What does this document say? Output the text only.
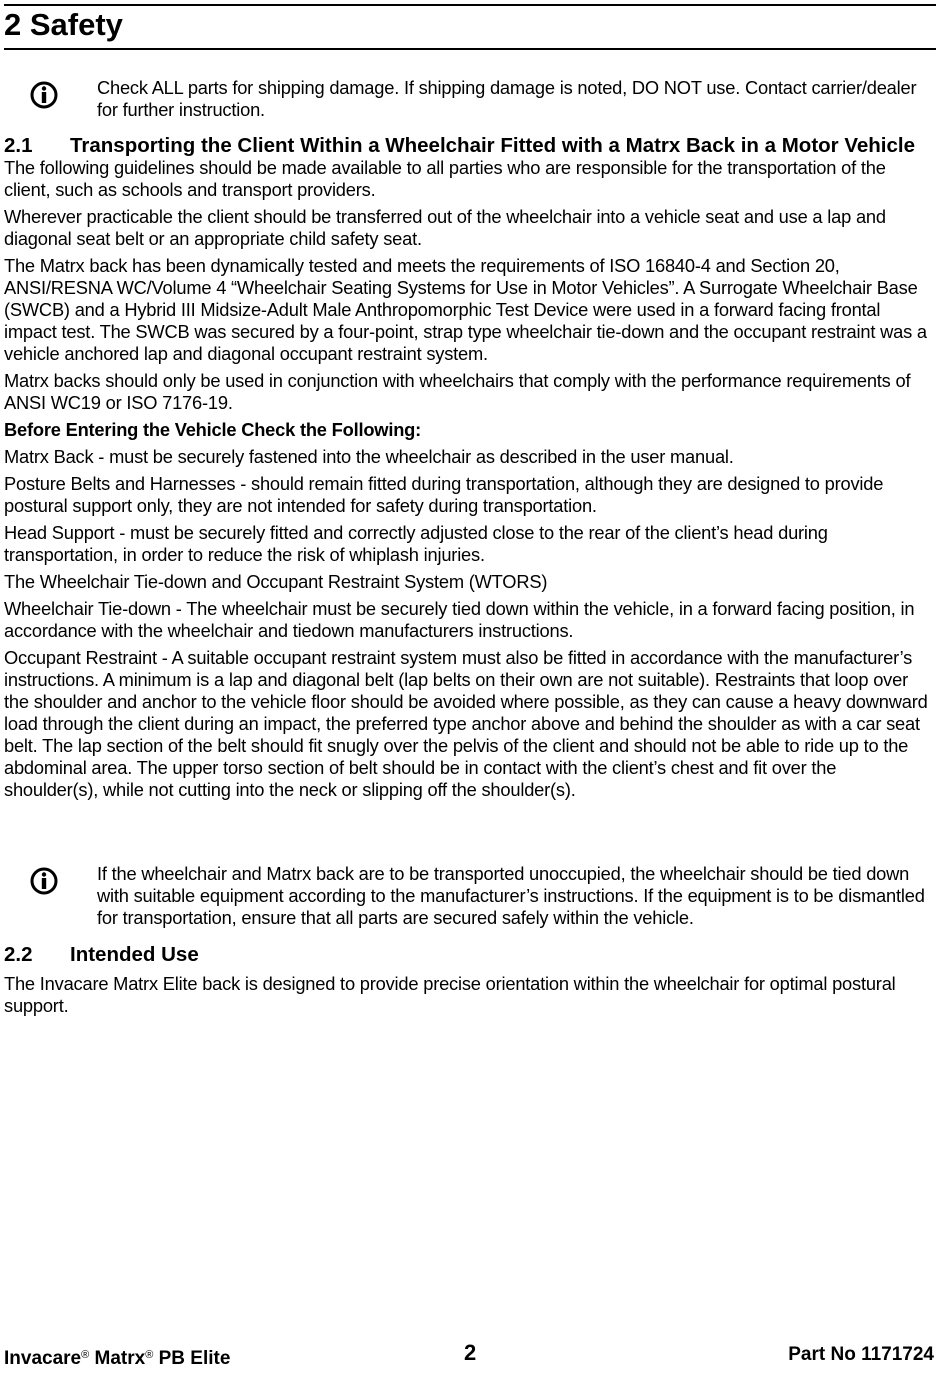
2 Safety
Check ALL parts for shipping damage. If shipping damage is noted, DO NOT use. Contact carrier/dealer for further instruction.
2.1 Transporting the Client Within a Wheelchair Fitted with a Matrx Back in a Motor Vehicle

The following guidelines should be made available to all parties who are responsible for the transportation of the client, such as schools and transport providers.

Wherever practicable the client should be transferred out of the wheelchair into a vehicle seat and use a lap and diagonal seat belt or an appropriate child safety seat.

The Matrx back has been dynamically tested and meets the requirements of ISO 16840-4 and Section 20, ANSI/RESNA WC/Volume 4 “Wheelchair Seating Systems for Use in Motor Vehicles”. A Surrogate Wheelchair Base (SWCB) and a Hybrid III Midsize-Adult Male Anthropomorphic Test Device were used in a forward facing frontal impact test. The SWCB was secured by a four-point, strap type wheelchair tie-down and the occupant restraint was a vehicle anchored lap and diagonal occupant restraint system.

Matrx backs should only be used in conjunction with wheelchairs that comply with the performance requirements of ANSI WC19 or ISO 7176-19.

Before Entering the Vehicle Check the Following:

Matrx Back - must be securely fastened into the wheelchair as described in the user manual.

Posture Belts and Harnesses - should remain fitted during transportation, although they are designed to provide postural support only, they are not intended for safety during transportation.

Head Support - must be securely fitted and correctly adjusted close to the rear of the client’s head during transportation, in order to reduce the risk of whiplash injuries.

The Wheelchair Tie-down and Occupant Restraint System (WTORS)

Wheelchair Tie-down - The wheelchair must be securely tied down within the vehicle, in a forward facing position, in accordance with the wheelchair and tiedown manufacturers instructions.

Occupant Restraint - A suitable occupant restraint system must also be fitted in accordance with the manufacturer’s instructions. A minimum is a lap and diagonal belt (lap belts on their own are not suitable). Restraints that loop over the shoulder and anchor to the vehicle floor should be avoided where possible, as they can cause a heavy downward load through the client during an impact, the preferred type anchor above and behind the shoulder as with a car seat belt. The lap section of the belt should fit snugly over the pelvis of the client and should not be able to ride up to the abdominal area. The upper torso section of belt should be in contact with the client’s chest and fit over the shoulder(s), while not cutting into the neck or slipping off the shoulder(s).

If the wheelchair and Matrx back are to be transported unoccupied, the wheelchair should be tied down with suitable equipment according to the manufacturer’s instructions. If the equipment is to be dismantled for transportation, ensure that all parts are secured safely within the vehicle.
2.2 Intended Use

The Invacare Matrx Elite back is designed to provide precise orientation within the wheelchair for optimal postural support.

Invacare® Matrx® PB Elite	2	Part No 1171724
